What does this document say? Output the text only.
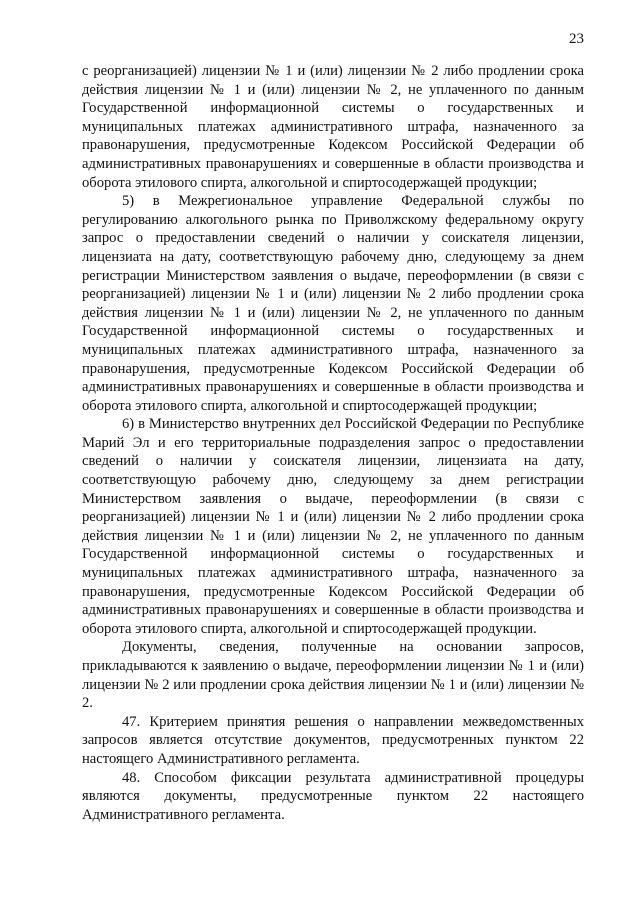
23

с реорганизацией) лицензии № 1 и (или) лицензии № 2 либо продлении срока действия лицензии № 1 и (или) лицензии № 2, не уплаченного по данным Государственной информационной системы о государственных и муниципальных платежах административного штрафа, назначенного за правонарушения, предусмотренные Кодексом Российской Федерации об административных правонарушениях и совершенные в области производства и оборота этилового спирта, алкогольной и спиртосодержащей продукции;

5) в Межрегиональное управление Федеральной службы по регулированию алкогольного рынка по Приволжскому федеральному округу запрос о предоставлении сведений о наличии у соискателя лицензии, лицензиата на дату, соответствующую рабочему дню, следующему за днем регистрации Министерством заявления о выдаче, переоформлении (в связи с реорганизацией) лицензии № 1 и (или) лицензии № 2 либо продлении срока действия лицензии № 1 и (или) лицензии № 2, не уплаченного по данным Государственной информационной системы о государственных и муниципальных платежах административного штрафа, назначенного за правонарушения, предусмотренные Кодексом Российской Федерации об административных правонарушениях и совершенные в области производства и оборота этилового спирта, алкогольной и спиртосодержащей продукции;

6) в Министерство внутренних дел Российской Федерации по Республике Марий Эл и его территориальные подразделения запрос о предоставлении сведений о наличии у соискателя лицензии, лицензиата на дату, соответствующую рабочему дню, следующему за днем регистрации Министерством заявления о выдаче, переоформлении (в связи с реорганизацией) лицензии № 1 и (или) лицензии № 2 либо продлении срока действия лицензии № 1 и (или) лицензии № 2, не уплаченного по данным Государственной информационной системы о государственных и муниципальных платежах административного штрафа, назначенного за правонарушения, предусмотренные Кодексом Российской Федерации об административных правонарушениях и совершенные в области производства и оборота этилового спирта, алкогольной и спиртосодержащей продукции.

Документы, сведения, полученные на основании запросов, прикладываются к заявлению о выдаче, переоформлении лицензии № 1 и (или) лицензии № 2 или продлении срока действия лицензии № 1 и (или) лицензии № 2.

47. Критерием принятия решения о направлении межведомственных запросов является отсутствие документов, предусмотренных пунктом 22 настоящего Административного регламента.

48. Способом фиксации результата административной процедуры являются документы, предусмотренные пунктом 22 настоящего Административного регламента.
